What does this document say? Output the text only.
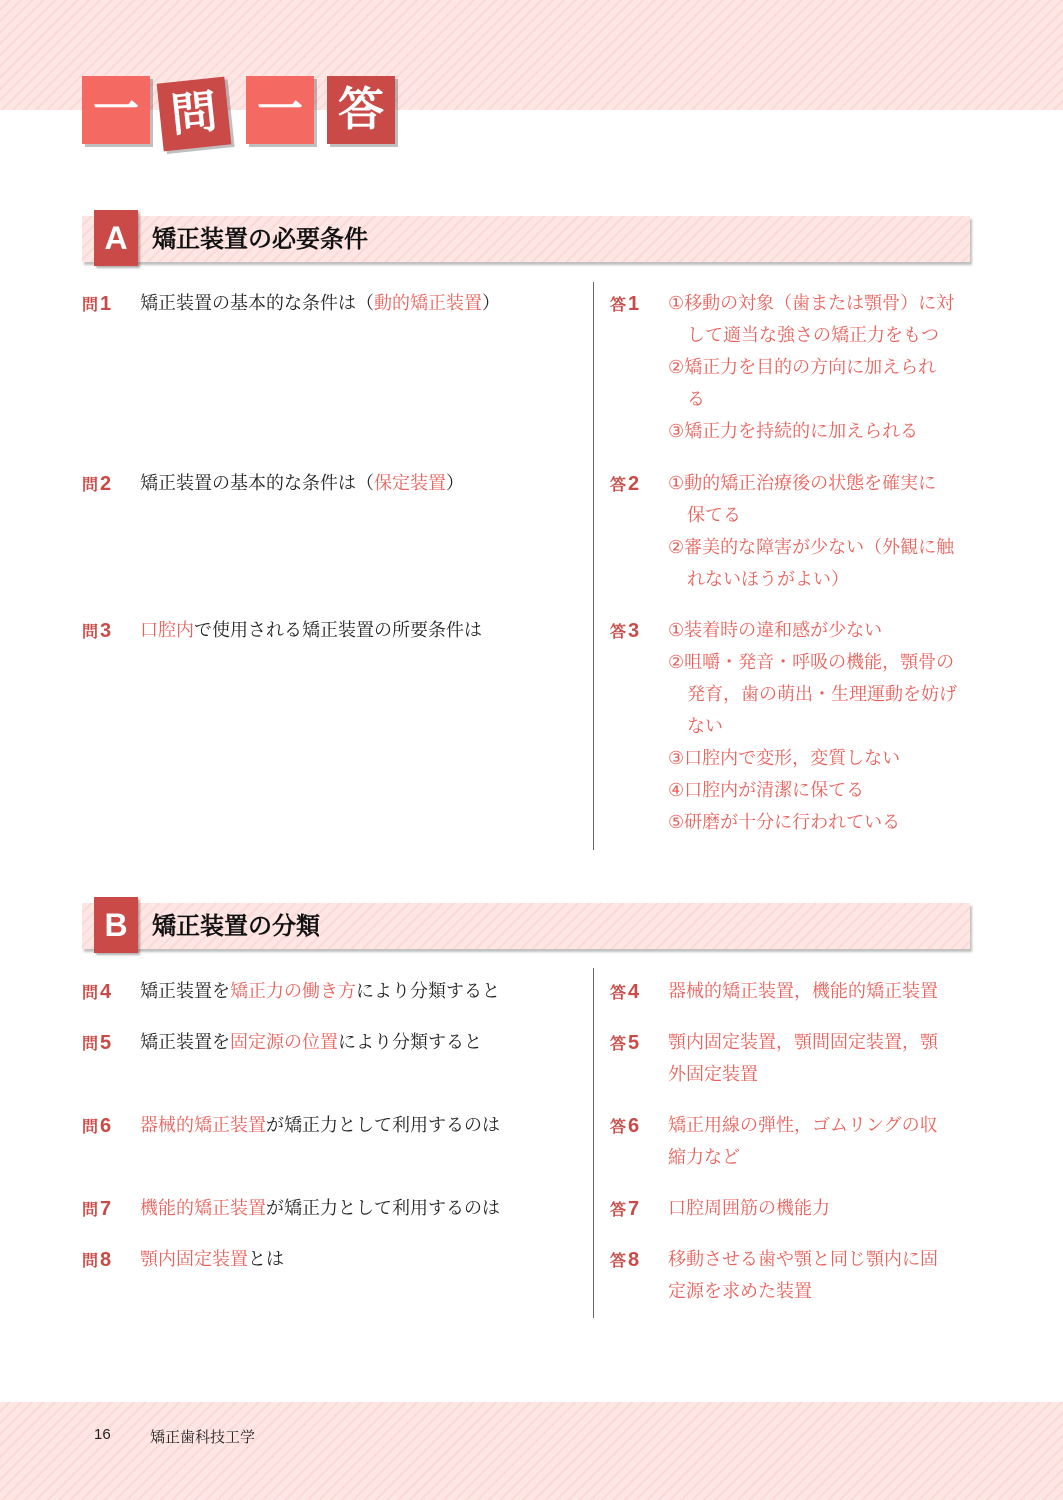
一 問 一 答
A	矯正装置の必要条件
B	矯正装置の分類
問 1 矯正装置の基本的な条件は（動的矯正装置）	答 1 ①移動の対象（歯または顎骨）に対
して適当な強さの矯正力をもつ
②矯正力を目的の方向に加えられ
る
③矯正力を持続的に加えられる
問 2 矯正装置の基本的な条件は（保定装置）	答 2 ①動的矯正治療後の状態を確実に
保てる
②審美的な障害が少ない（外観に触
れないほうがよい）
問 3 口腔内で使用される矯正装置の所要条件は	答 3 ①装着時の違和感が少ない
②咀嚼・発音・呼吸の機能，顎骨の
発育，歯の萌出・生理運動を妨げ
ない
③口腔内で変形，変質しない
④口腔内が清潔に保てる
⑤研磨が十分に行われている
問 4 矯正装置を矯正力の働き方により分類すると	答 4 器械的矯正装置，機能的矯正装置
問 5 矯正装置を固定源の位置により分類すると	答 5 顎内固定装置，顎間固定装置，顎
外固定装置
問 6 器械的矯正装置が矯正力として利用するのは	答 6 矯正用線の弾性，ゴムリングの収
縮力など
問 7 機能的矯正装置が矯正力として利用するのは	答 7 口腔周囲筋の機能力
問 8 顎内固定装置とは	答 8 移動させる歯や顎と同じ顎内に固
定源を求めた装置
16	矯正歯科技工学
